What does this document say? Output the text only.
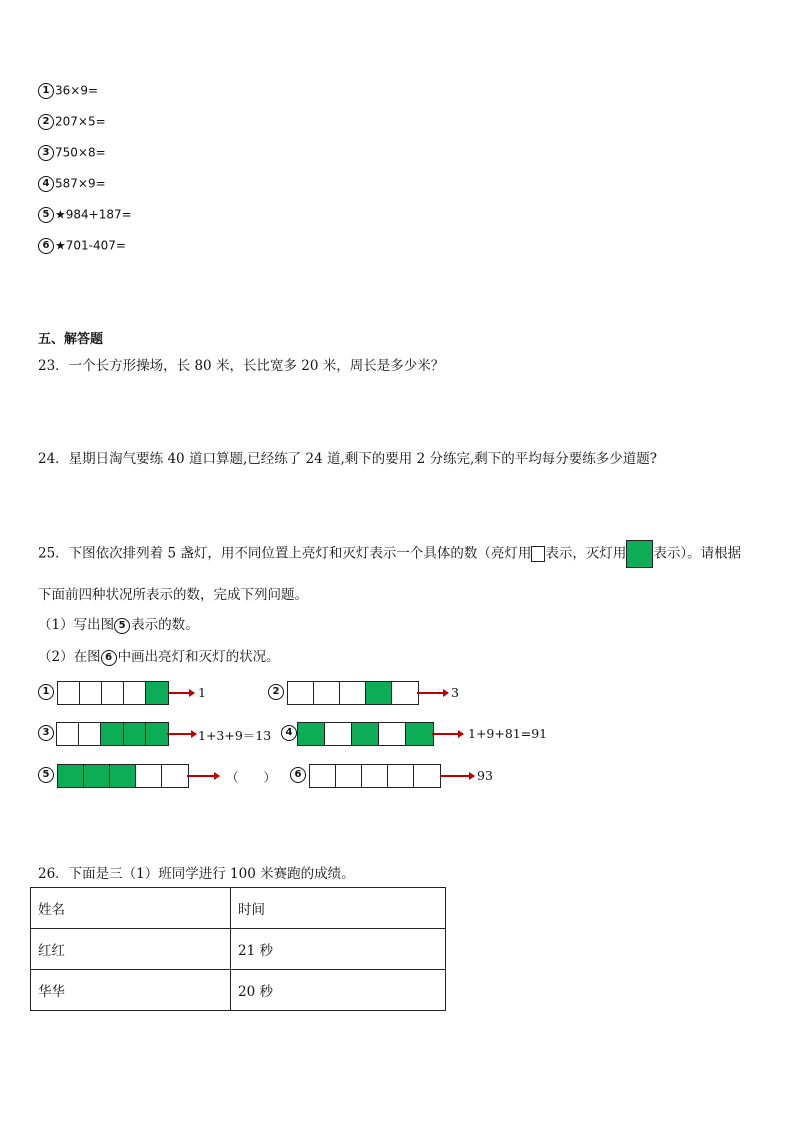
1 36×9=
2 207×5=
3 750×8=
4 587×9=
5 ★984+187=
6 ★701-407=
五、解答题
23．一个长方形操场，长 80 米，长比宽多 20 米，周长是多少米？
24．星期日淘气要练 40 道口算题,已经练了 24 道,剩下的要用 2 分练完,剩下的平均每分要练多少道题?
25．下图依次排列着 5 盏灯，用不同位置上亮灯和灭灯表示一个具体的数（亮灯用 表示，灭灯用 表示）。请根据
下面前四种状况所表示的数，完成下列问题。
（1）写出图 5 表示的数。
（2）在图 6 中画出亮灯和灭灯的状况。
1	1	2	3
3	1+3+9＝13	4	1+9+81=91
5	（　　）	6	93
26．下面是三（1）班同学进行 100 米赛跑的成绩。
姓名	时间
红红	21 秒
华华	20 秒
